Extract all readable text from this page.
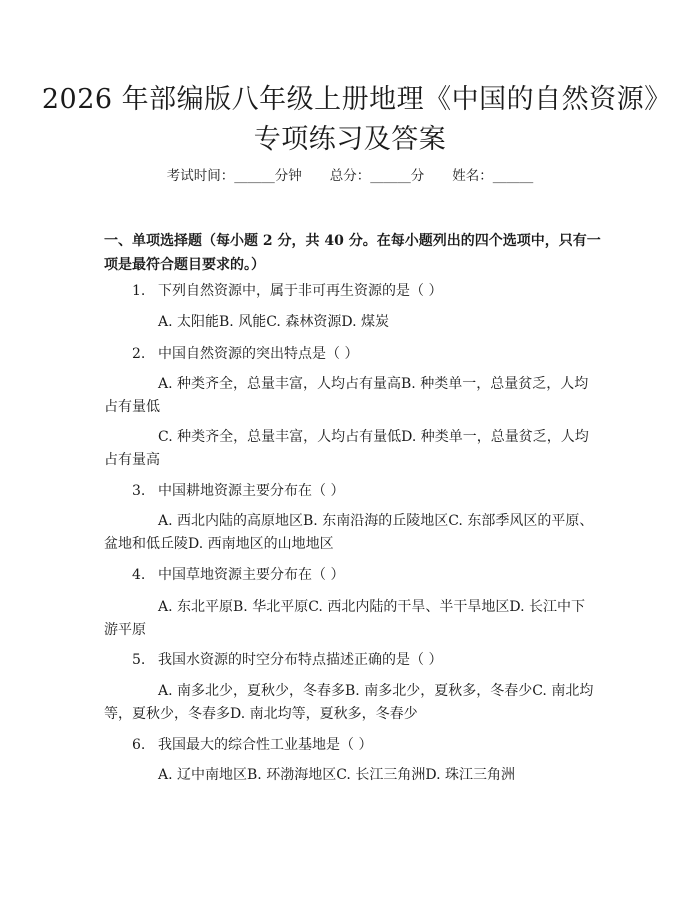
2026 年部编版八年级上册地理《中国的自然资源》专项练习及答案
考试时间：______分钟 总分：______分 姓名：______
一、单项选择题（每小题 2 分，共 40 分。在每小题列出的四个选项中，只有一项是最符合题目要求的。）
1. 下列自然资源中，属于非可再生资源的是（ ）
A. 太阳能B. 风能C. 森林资源D. 煤炭
2. 中国自然资源的突出特点是（ ）
A. 种类齐全，总量丰富，人均占有量高B. 种类单一，总量贫乏，人均占有量低
C. 种类齐全，总量丰富，人均占有量低D. 种类单一，总量贫乏，人均占有量高
3. 中国耕地资源主要分布在（ ）
A. 西北内陆的高原地区B. 东南沿海的丘陵地区C. 东部季风区的平原、盆地和低丘陵D. 西南地区的山地地区
4. 中国草地资源主要分布在（ ）
A. 东北平原B. 华北平原C. 西北内陆的干旱、半干旱地区D. 长江中下游平原
5. 我国水资源的时空分布特点描述正确的是（ ）
A. 南多北少，夏秋少，冬春多B. 南多北少，夏秋多，冬春少C. 南北均等，夏秋少，冬春多D. 南北均等，夏秋多，冬春少
6. 我国最大的综合性工业基地是（ ）
A. 辽中南地区B. 环渤海地区C. 长江三角洲D. 珠江三角洲
